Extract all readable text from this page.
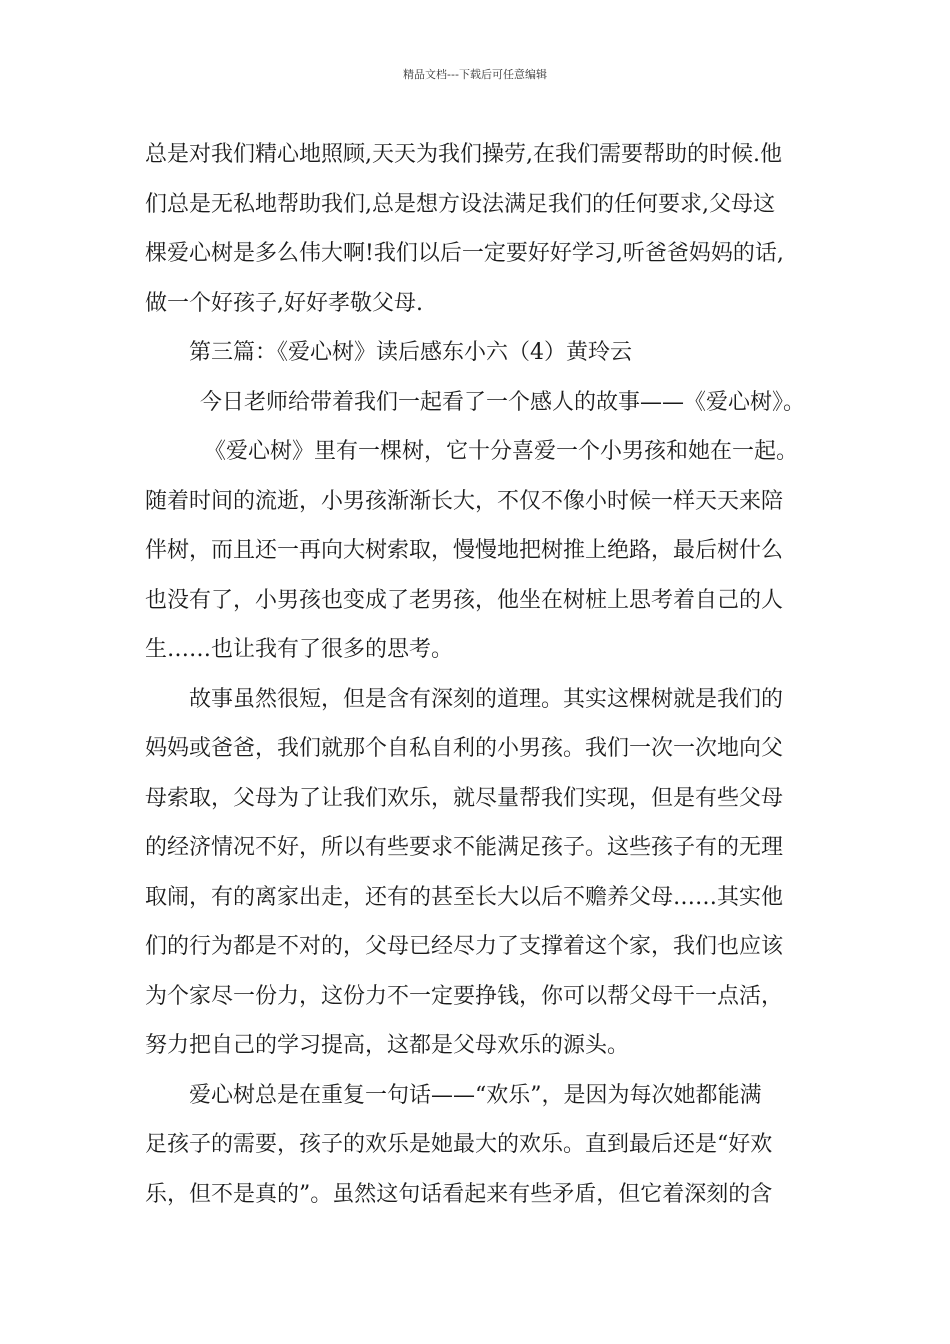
精品文档---下载后可任意编辑
总是对我们精心地照顾,天天为我们操劳,在我们需要帮助的时候.他
们总是无私地帮助我们,总是想方设法满足我们的任何要求,父母这
棵爱心树是多么伟大啊!我们以后一定要好好学习,听爸爸妈妈的话,
做一个好孩子,好好孝敬父母.
第三篇：《爱心树》读后感东小六（4）黄玲云
今日老师给带着我们一起看了一个感人的故事——《爱心树》。
《爱心树》里有一棵树，它十分喜爱一个小男孩和她在一起。
随着时间的流逝，小男孩渐渐长大，不仅不像小时候一样天天来陪
伴树，而且还一再向大树索取，慢慢地把树推上绝路，最后树什么
也没有了，小男孩也变成了老男孩，他坐在树桩上思考着自己的人
生……也让我有了很多的思考。
故事虽然很短，但是含有深刻的道理。其实这棵树就是我们的
妈妈或爸爸，我们就那个自私自利的小男孩。我们一次一次地向父
母索取，父母为了让我们欢乐，就尽量帮我们实现，但是有些父母
的经济情况不好，所以有些要求不能满足孩子。这些孩子有的无理
取闹，有的离家出走，还有的甚至长大以后不赡养父母……其实他
们的行为都是不对的，父母已经尽力了支撑着这个家，我们也应该
为个家尽一份力，这份力不一定要挣钱，你可以帮父母干一点活，
努力把自己的学习提高，这都是父母欢乐的源头。
爱心树总是在重复一句话——“欢乐”，是因为每次她都能满
足孩子的需要，孩子的欢乐是她最大的欢乐。直到最后还是“好欢
乐，但不是真的”。虽然这句话看起来有些矛盾，但它着深刻的含
